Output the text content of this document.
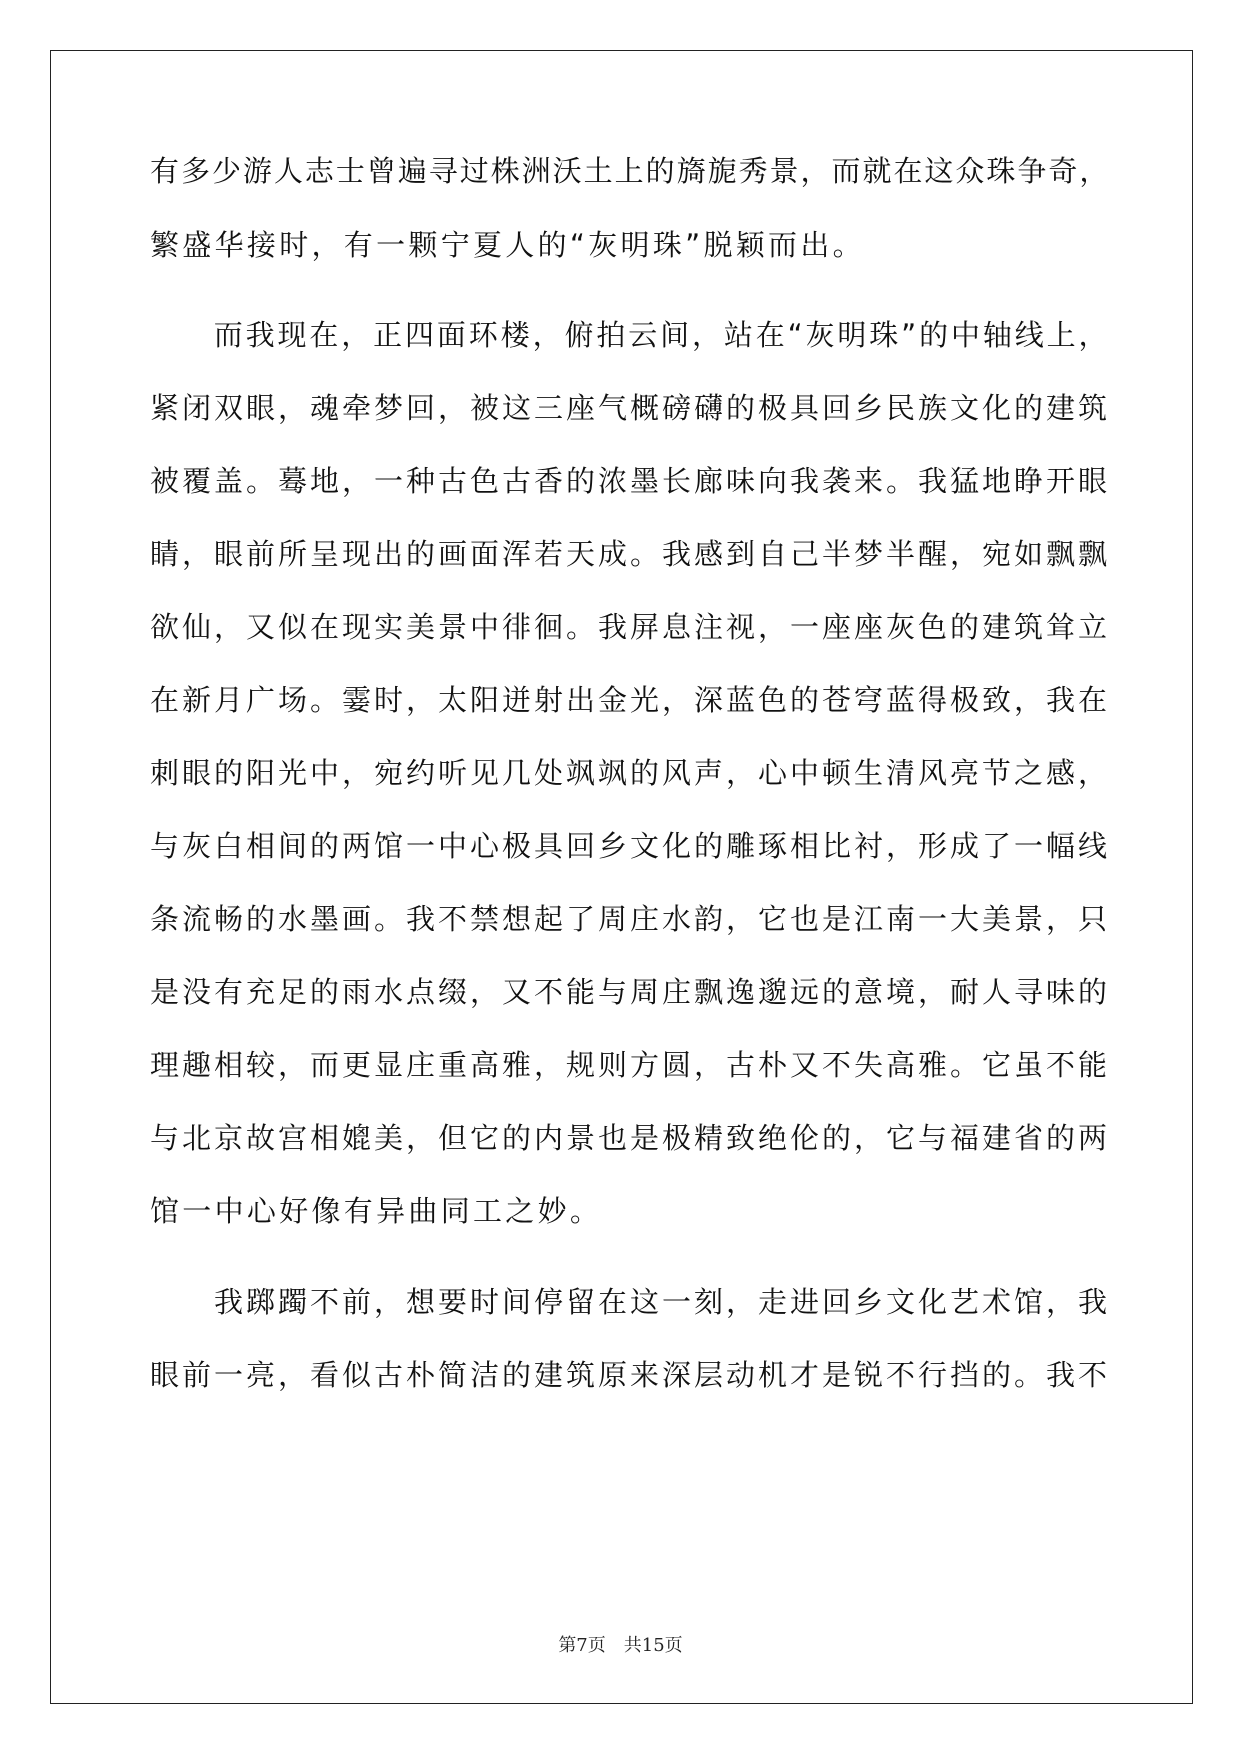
有多少游人志士曾遍寻过株洲沃土上的旖旎秀景，而就在这众珠争奇，
繁盛华接时，有一颗宁夏人的“灰明珠”脱颖而出。
　　而我现在，正四面环楼，俯拍云间，站在“灰明珠”的中轴线上，
紧闭双眼，魂牵梦回，被这三座气概磅礴的极具回乡民族文化的建筑
被覆盖。蓦地，一种古色古香的浓墨长廊味向我袭来。我猛地睁开眼
睛，眼前所呈现出的画面浑若天成。我感到自己半梦半醒，宛如飘飘
欲仙，又似在现实美景中徘徊。我屏息注视，一座座灰色的建筑耸立
在新月广场。霎时，太阳迸射出金光，深蓝色的苍穹蓝得极致，我在
刺眼的阳光中，宛约听见几处飒飒的风声，心中顿生清风亮节之感，
与灰白相间的两馆一中心极具回乡文化的雕琢相比衬，形成了一幅线
条流畅的水墨画。我不禁想起了周庄水韵，它也是江南一大美景，只
是没有充足的雨水点缀，又不能与周庄飘逸邈远的意境，耐人寻味的
理趣相较，而更显庄重高雅，规则方圆，古朴又不失高雅。它虽不能
与北京故宫相媲美，但它的内景也是极精致绝伦的，它与福建省的两
馆一中心好像有异曲同工之妙。
　　我踯躅不前，想要时间停留在这一刻，走进回乡文化艺术馆，我
眼前一亮，看似古朴简洁的建筑原来深层动机才是锐不行挡的。我不
第7页 共15页
